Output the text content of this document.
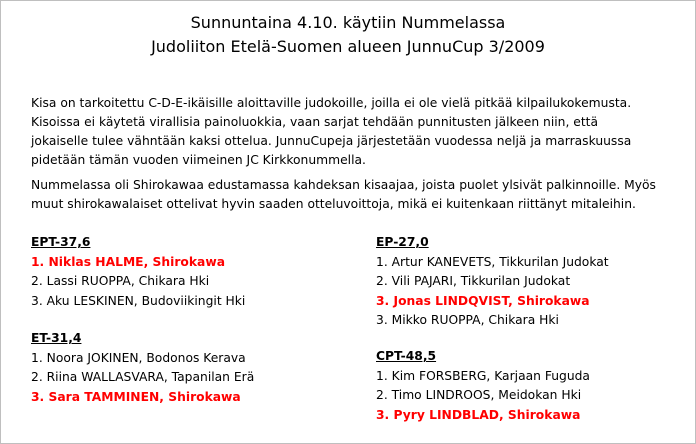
Sunnuntaina 4.10. käytiin Nummelassa
Judoliiton Etelä-Suomen alueen JunnuCup 3/2009

Kisa on tarkoitettu C-D-E-ikäisille aloittaville judokoille, joilla ei ole vielä pitkää kilpailukokemusta.
Kisoissa ei käytetä virallisia painoluokkia, vaan sarjat tehdään punnitusten jälkeen niin, että
jokaiselle tulee vähntään kaksi ottelua. JunnuCupeja järjestetään vuodessa neljä ja marraskuussa
pidetään tämän vuoden viimeinen JC Kirkkonummella.

Nummelassa oli Shirokawaa edustamassa kahdeksan kisaajaa, joista puolet ylsivät palkinnoille. Myös
muut shirokawalaiset ottelivat hyvin saaden otteluvoittoja, mikä ei kuitenkaan riittänyt mitaleihin.

EPT-37,6
1. Niklas HALME, Shirokawa
2. Lassi RUOPPA, Chikara Hki
3. Aku LESKINEN, Budoviikingit Hki
EP-27,0
1. Artur KANEVETS, Tikkurilan Judokat
2. Vili PAJARI, Tikkurilan Judokat
3. Jonas LINDQVIST, Shirokawa
3. Mikko RUOPPA, Chikara Hki
ET-31,4
1. Noora JOKINEN, Bodonos Kerava
2. Riina WALLASVARA, Tapanilan Erä
3. Sara TAMMINEN, Shirokawa
CPT-48,5
1. Kim FORSBERG, Karjaan Fuguda
2. Timo LINDROOS, Meidokan Hki
3. Pyry LINDBLAD, Shirokawa
